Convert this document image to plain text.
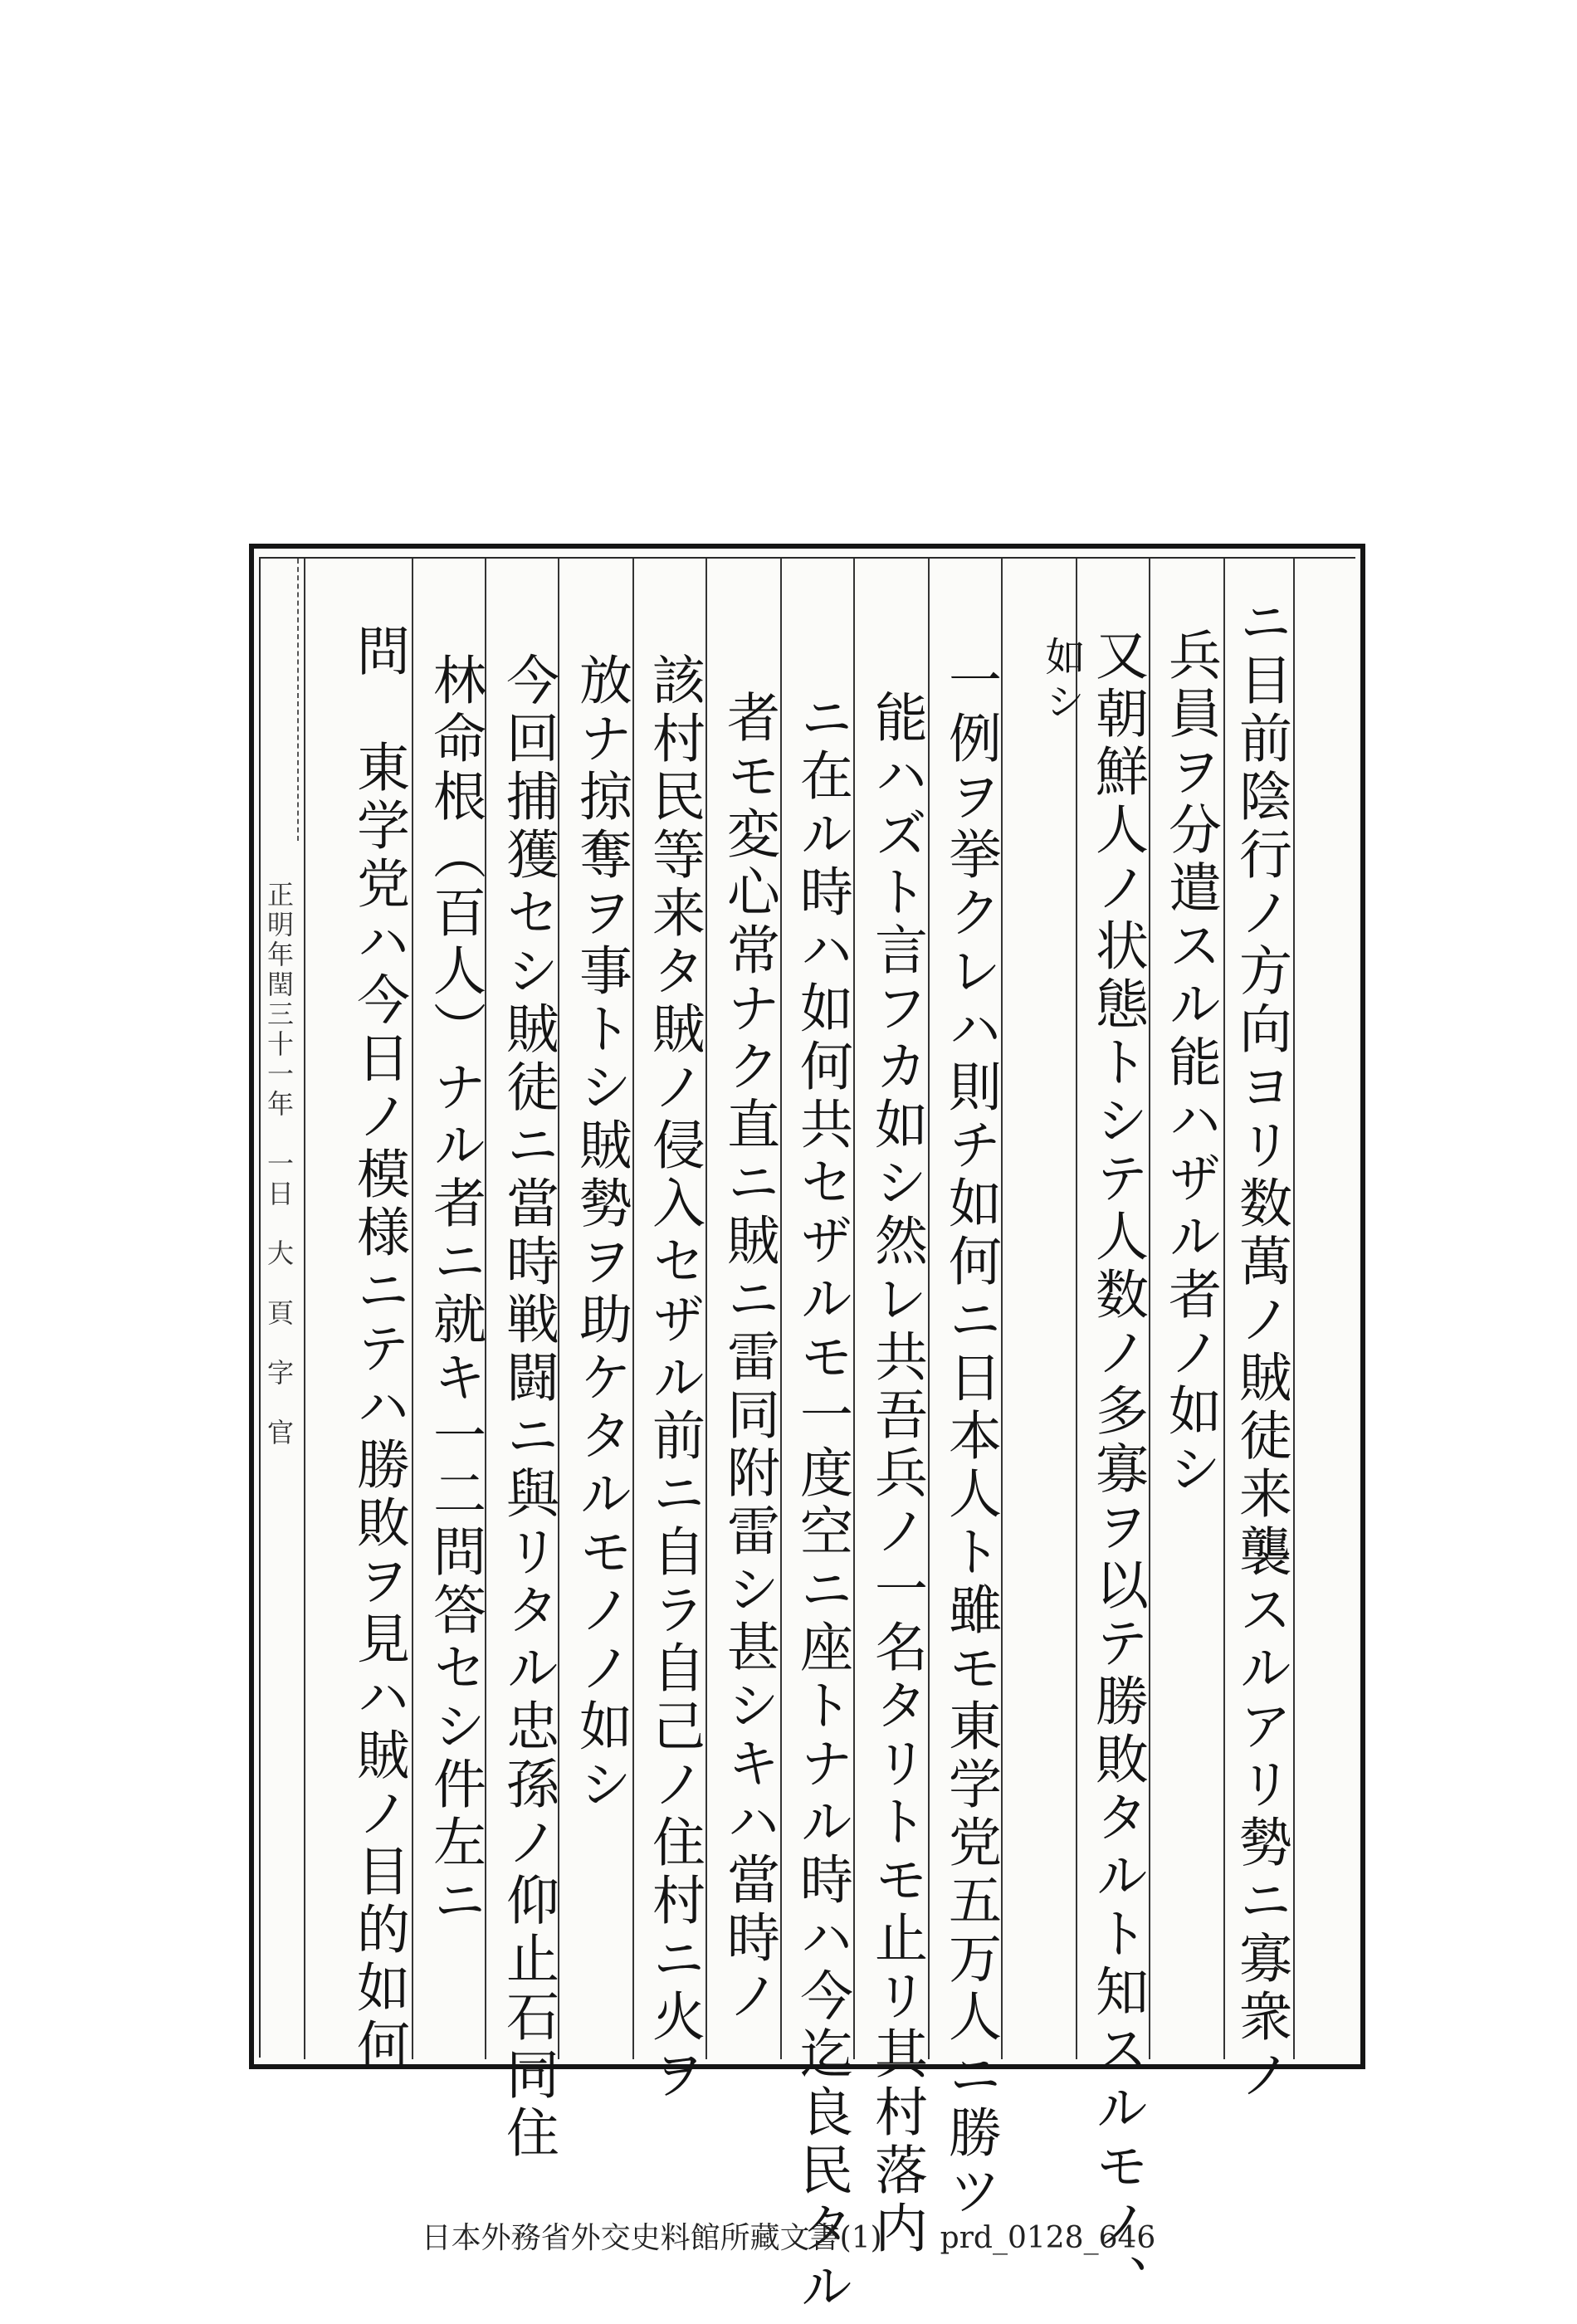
ニ目前陰行ノ方向ヨリ数萬ノ賊徒来襲スルアリ勢ニ寡衆ノ
兵員ヲ分遣スル能ハザル者ノ如シ
又朝鮮人ノ状態トシテ人数ノ多寡ヲ以テ勝敗タルト知スルモノ、
如シ
一例ヲ挙クレハ則チ如何ニ日本人ト雖モ東学党五万人ニ勝ツ
能ハズト言フカ如シ然レ共吾兵ノ一名タリトモ止リ其村落内
ニ在ル時ハ如何共セザルモ一度空ニ座トナル時ハ今迄良民タル
者モ変心常ナク直ニ賊ニ雷同附雷シ甚シキハ當時ノ
該村民等来タ賊ノ侵入セザル前ニ自ラ自己ノ住村ニ火ヲ
放ナ掠奪ヲ事トシ賊勢ヲ助ケタルモノノ如シ
今回捕獲セシ賊徒ニ當時戦闘ニ與リタル忠孫ノ仰止石同住
林命根（百人）ナル者ニ就キ一二問答セシ件左ニ
問　東学党ハ今日ノ模様ニテハ勝敗ヲ見ハ賊ノ目的如何
正明年閏三十一年　一日　大　頁　字　官
日本外務省外交史料館所藏文書(1) prd_0128_646
